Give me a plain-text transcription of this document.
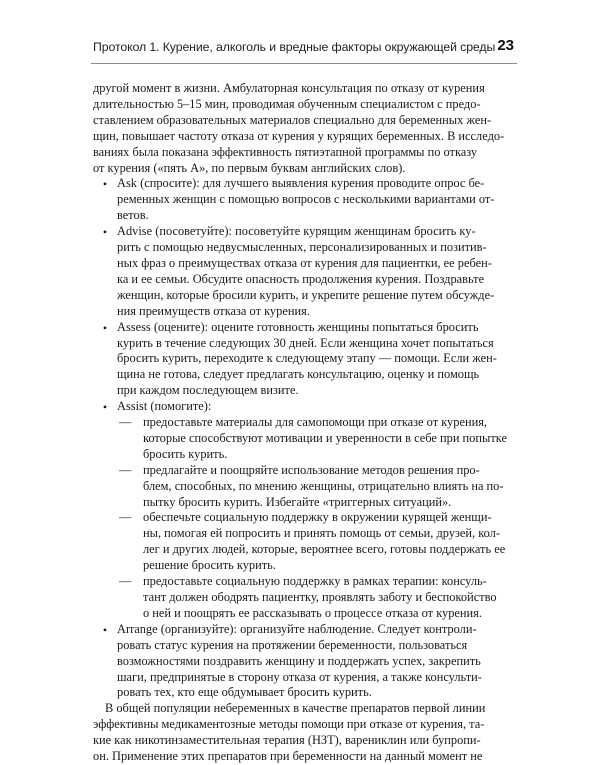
Протокол 1. Курение, алкоголь и вредные факторы окружающей среды 23

другой момент в жизни. Амбулаторная консультация по отказу от курения
длительностью 5–15 мин, проводимая обученным специалистом с предо-
ставлением образовательных материалов специально для беременных жен-
щин, повышает частоту отказа от курения у курящих беременных. В исследо-
ваниях была показана эффективность пятиэтапной программы по отказу
от курения («пять А», по первым буквам английских слов).

• Ask (спросите): для лучшего выявления курения проводите опрос бе-
ременных женщин с помощью вопросов с несколькими вариантами от-
ветов.
• Advise (посоветуйте): посоветуйте курящим женщинам бросить ку-
рить с помощью недвусмысленных, персонализированных и позитив-
ных фраз о преимуществах отказа от курения для пациентки, ее ребен-
ка и ее семьи. Обсудите опасность продолжения курения. Поздравьте
женщин, которые бросили курить, и укрепите решение путем обсужде-
ния преимуществ отказа от курения.
• Assess (оцените): оцените готовность женщины попытаться бросить
курить в течение следующих 30 дней. Если женщина хочет попытаться
бросить курить, переходите к следующему этапу — помощи. Если жен-
щина не готова, следует предлагать консультацию, оценку и помощь
при каждом последующем визите.
• Assist (помогите):
— предоставьте материалы для самопомощи при отказе от курения,
которые способствуют мотивации и уверенности в себе при попытке
бросить курить.
— предлагайте и поощряйте использование методов решения про-
блем, способных, по мнению женщины, отрицательно влиять на по-
пытку бросить курить. Избегайте «триггерных ситуаций».
— обеспечьте социальную поддержку в окружении курящей женщи-
ны, помогая ей попросить и принять помощь от семьи, друзей, кол-
лег и других людей, которые, вероятнее всего, готовы поддержать ее
решение бросить курить.
— предоставьте социальную поддержку в рамках терапии: консуль-
тант должен ободрять пациентку, проявлять заботу и беспокойство
о ней и поощрять ее рассказывать о процессе отказа от курения.
• Arrange (организуйте): организуйте наблюдение. Следует контроли-
ровать статус курения на протяжении беременности, пользоваться
возможностями поздравить женщину и поддержать успех, закрепить
шаги, предпринятые в сторону отказа от курения, а также консульти-
ровать тех, кто еще обдумывает бросить курить.

В общей популяции небеременных в качестве препаратов первой линии
эффективны медикаментозные методы помощи при отказе от курения, та-
кие как никотинзаместительная терапия (НЗТ), варениклин или бупропи-
он. Применение этих препаратов при беременности на данный момент не
